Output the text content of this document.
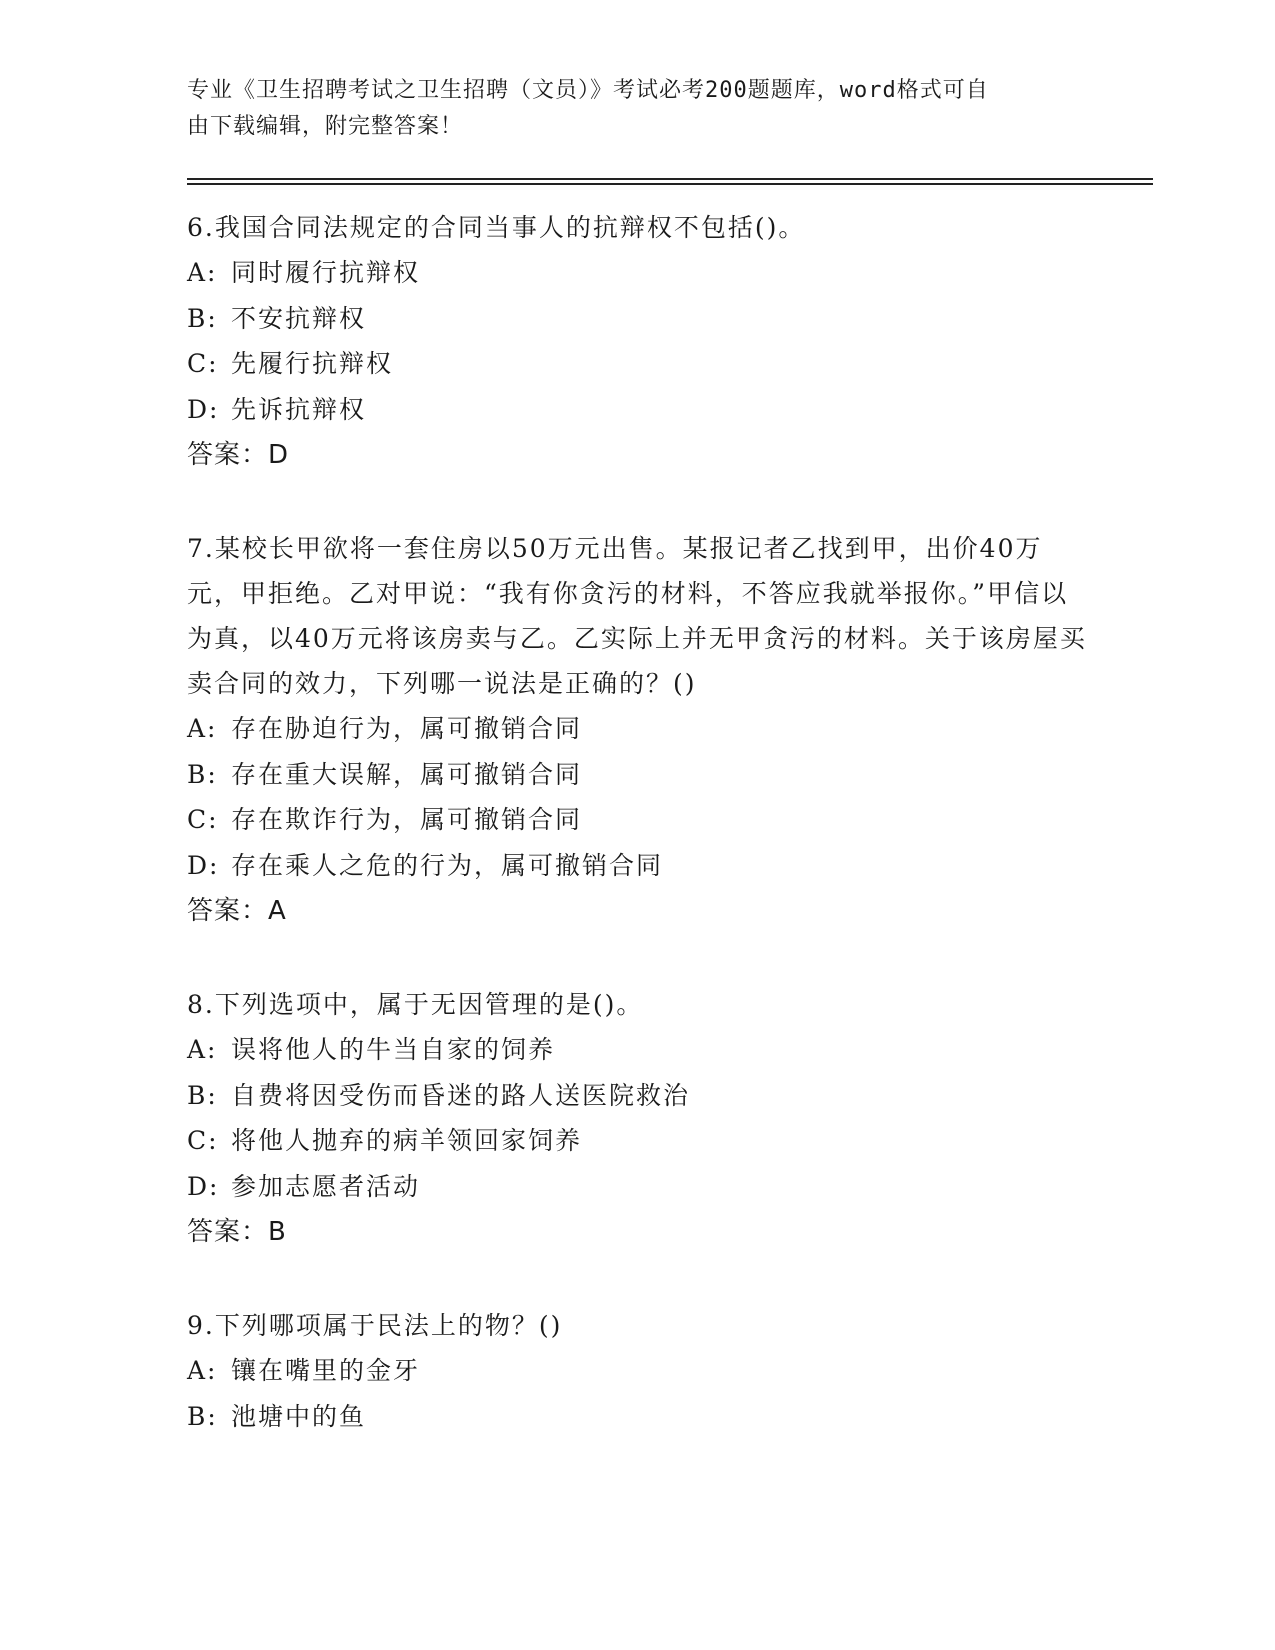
专业《卫生招聘考试之卫生招聘（文员）》考试必考200题题库，word格式可自
由下载编辑，附完整答案！
6.我国合同法规定的合同当事人的抗辩权不包括()。
A: 同时履行抗辩权
B: 不安抗辩权
C: 先履行抗辩权
D: 先诉抗辩权
答案：D
7.某校长甲欲将一套住房以50万元出售。某报记者乙找到甲，出价40万元，甲拒绝。乙对甲说：“我有你贪污的材料，不答应我就举报你。”甲信以为真，以40万元将该房卖与乙。乙实际上并无甲贪污的材料。关于该房屋买卖合同的效力，下列哪一说法是正确的？()
A: 存在胁迫行为，属可撤销合同
B: 存在重大误解，属可撤销合同
C: 存在欺诈行为，属可撤销合同
D: 存在乘人之危的行为，属可撤销合同
答案：A
8.下列选项中，属于无因管理的是()。
A: 误将他人的牛当自家的饲养
B: 自费将因受伤而昏迷的路人送医院救治
C: 将他人抛弃的病羊领回家饲养
D: 参加志愿者活动
答案：B
9.下列哪项属于民法上的物？()
A: 镶在嘴里的金牙
B: 池塘中的鱼
